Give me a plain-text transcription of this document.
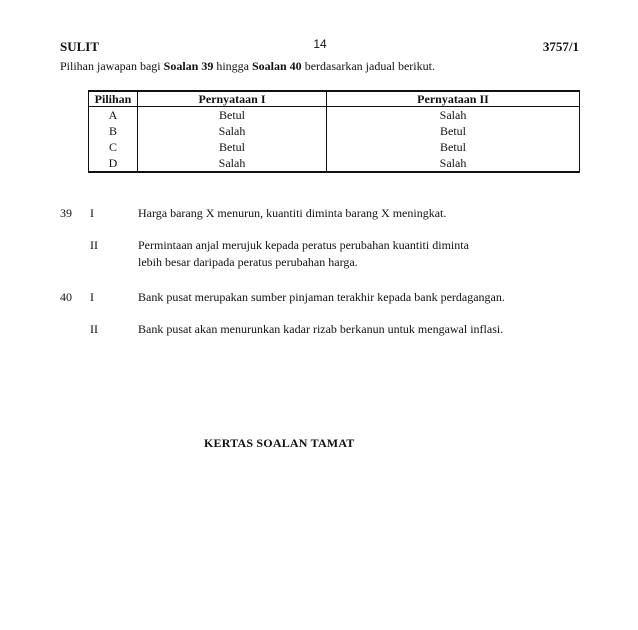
SULIT	14	3757/1
Pilihan jawapan bagi Soalan 39 hingga Soalan 40 berdasarkan jadual berikut.
Pilihan	Pernyataan I	Pernyataan II
A	Betul	Salah
B	Salah	Betul
C	Betul	Betul
D	Salah	Salah
39 I	Harga barang X menurun, kuantiti diminta barang X meningkat.
II	Permintaan anjal merujuk kepada peratus perubahan kuantiti diminta
lebih besar daripada peratus perubahan harga.
40 I	Bank pusat merupakan sumber pinjaman terakhir kepada bank perdagangan.
II	Bank pusat akan menurunkan kadar rizab berkanun untuk mengawal inflasi.
KERTAS SOALAN TAMAT
